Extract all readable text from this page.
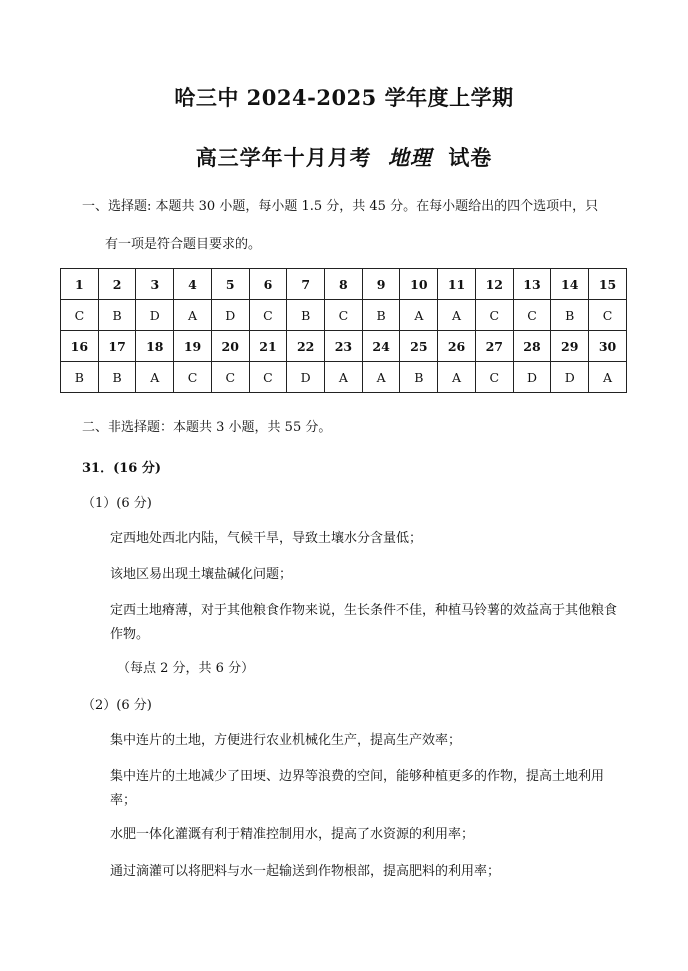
哈三中 2024-2025 学年度上学期
高三学年十月月考 地理 试卷
一、选择题: 本题共 30 小题，每小题 1.5 分，共 45 分。在每小题给出的四个选项中，只
有一项是符合题目要求的。
1	2	3	4	5	6	7	8	9	10	11	12	13	14	15
C	B	D	A	D	C	B	C	B	A	A	C	C	B	C
16	17	18	19	20	21	22	23	24	25	26	27	28	29	30
B	B	A	C	C	C	D	A	A	B	A	C	D	D	A
二、非选择题：本题共 3 小题，共 55 分。
31．(16 分)
（1）(6 分)
定西地处西北内陆，气候干旱，导致土壤水分含量低；
该地区易出现土壤盐碱化问题；
定西土地瘠薄，对于其他粮食作物来说，生长条件不佳，种植马铃薯的效益高于其他粮食作物。
（每点 2 分，共 6 分）
（2）(6 分)
集中连片的土地，方便进行农业机械化生产，提高生产效率；
集中连片的土地减少了田埂、边界等浪费的空间，能够种植更多的作物，提高土地利用率；
水肥一体化灌溉有利于精准控制用水，提高了水资源的利用率；
通过滴灌可以将肥料与水一起输送到作物根部，提高肥料的利用率；
